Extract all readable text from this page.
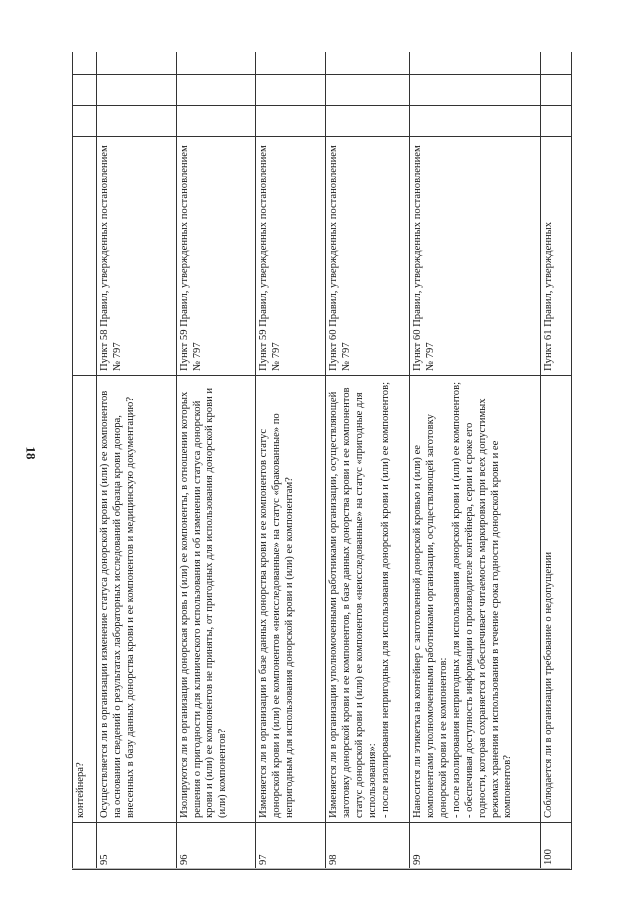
18
	контейнера?					
95	Осуществляется ли в организации изменение статуса донорской крови и (или) ее компонентов на основании сведений о результатах лабораторных исследований образца крови донора, внесенных в базу данных донорства крови и ее компонентов и медицинскую документацию?	Пункт 58 Правил, утвержденных постановлением № 797				
96	Изолируются ли в организации донорская кровь и (или) ее компоненты, в отношении которых решения о пригодности для клинического использования и об изменении статуса донорской крови и (или) ее компонентов не приняты, от пригодных для использования донорской крови и (или) компонентов?	Пункт 59 Правил, утвержденных постановлением № 797				
97	Изменяется ли в организации в базе данных донорства крови и ее компонентов статус донорской крови и (или) ее компонентов «неисследованные» на статус «бракованные» по непригодным для использования донорской крови и (или) ее компонентам?	Пункт 59 Правил, утвержденных постановлением № 797				
98	Изменяется ли в организации уполномоченными работниками организации, осуществляющей заготовку донорской крови и ее компонентов, в базе данных донорства крови и ее компонентов статус донорской крови и (или) ее компонентов «неисследованные» на статус «пригодные для использования»:
- после изолирования непригодных для использования донорской крови и (или) ее компонентов;	Пункт 60 Правил, утвержденных постановлением № 797				
99	Наносится ли этикетка на контейнер с заготовленной донорской кровью и (или) ее компонентами уполномоченными работниками организации, осуществляющей заготовку донорской крови и ее компонентов:
- после изолирования непригодных для использования донорской крови и (или) ее компонентов;
- обеспечивая доступность информации о производителе контейнера, серии и сроке его годности, которая сохраняется и обеспечивает читаемость маркировки при всех допустимых режимах хранения и использования в течение срока годности донорской крови и ее компонентов?	Пункт 60 Правил, утвержденных постановлением № 797				
100	Соблюдается ли в организации требование о недопущении	Пункт 61 Правил, утвержденных				
